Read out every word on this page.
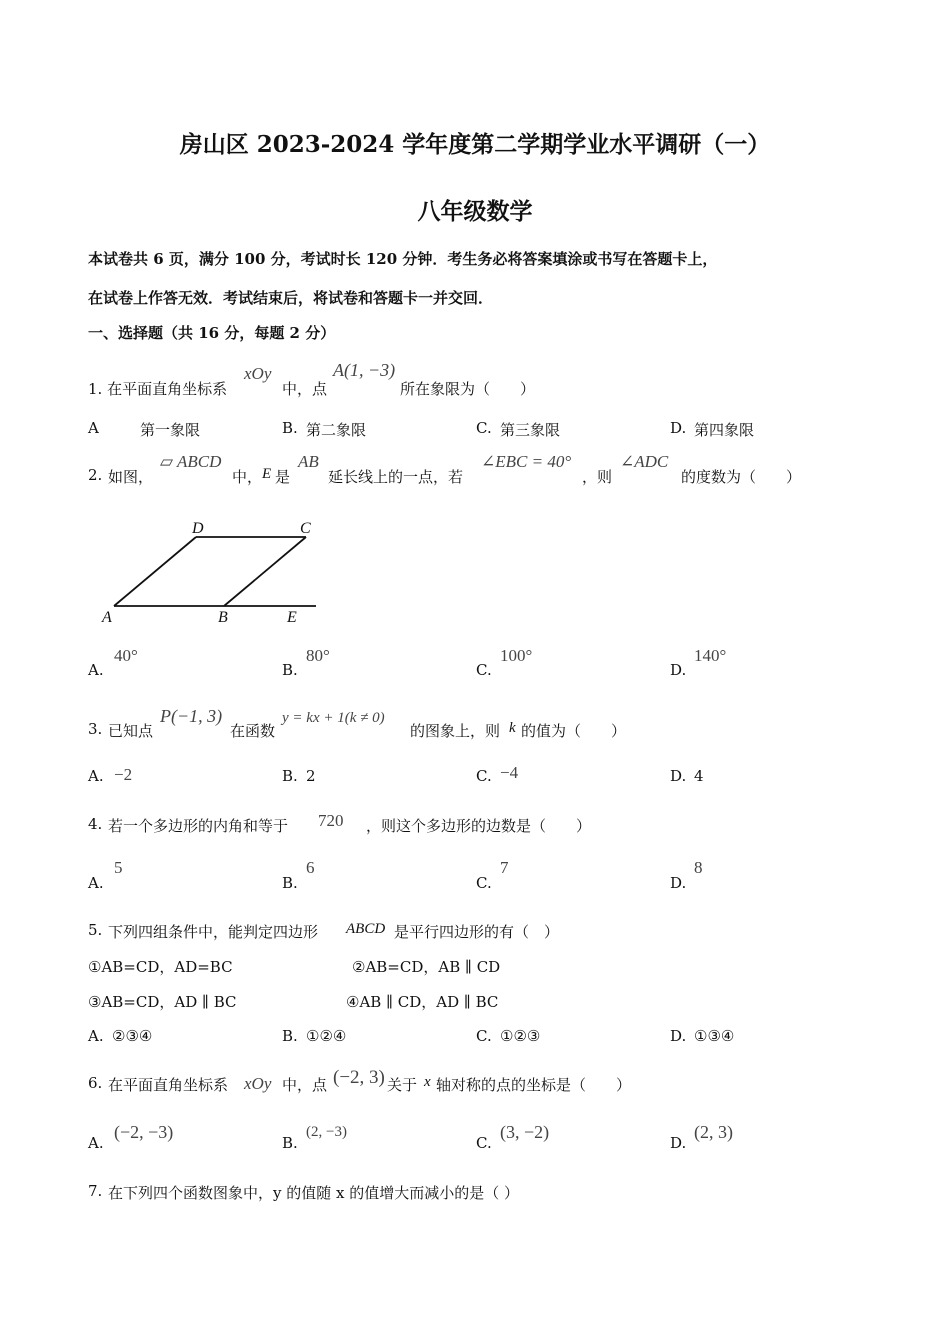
房山区 2023-2024 学年度第二学期学业水平调研（一）
八年级数学
本试卷共 6 页，满分 100 分，考试时长 120 分钟．考生务必将答案填涂或书写在答题卡上，
在试卷上作答无效．考试结束后，将试卷和答题卡一并交回．
一、选择题（共 16 分，每题 2 分）
1. 在平面直角坐标系
xOy
中，点
A(1, −3)
所在象限为（　　）
A	第一象限	B. 第二象限	C. 第三象限	D. 第四象限
2. 如图，
▱ ABCD
中， E 是
AB
延长线上的一点，若
∠EBC = 40°
，则
∠ADC
的度数为（　　）
D	C
A	B	E
A.
40°
B.
80°
C.
100°
D.
140°
3. 已知点
P(−1, 3)
在函数
y = kx + 1(k ≠ 0)
的图象上，则 k 的值为（　　）
A. −2	B. 2	C. −4	D. 4
4. 若一个多边形的内角和等于 720 ，则这个多边形的边数是（　　）
A.
5
B.
6
C.
7
D.
8
5. 下列四组条件中，能判定四边形 ABCD 是平行四边形的有（　）
①AB=CD，AD=BC	②AB=CD，AB ∥ CD
③AB=CD，AD ∥ BC	④AB ∥ CD，AD ∥ BC
A. ②③④	B. ①②④	C. ①②③	D. ①③④
6. 在平面直角坐标系 xOy 中，点 (−2, 3) 关于 x 轴对称的点的坐标是（　　）
A.
(−2, −3)
B.
(2, −3)
C.
(3, −2)
D.
(2, 3)
7. 在下列四个函数图象中，y 的值随 x 的值增大而减小的是（ ）
